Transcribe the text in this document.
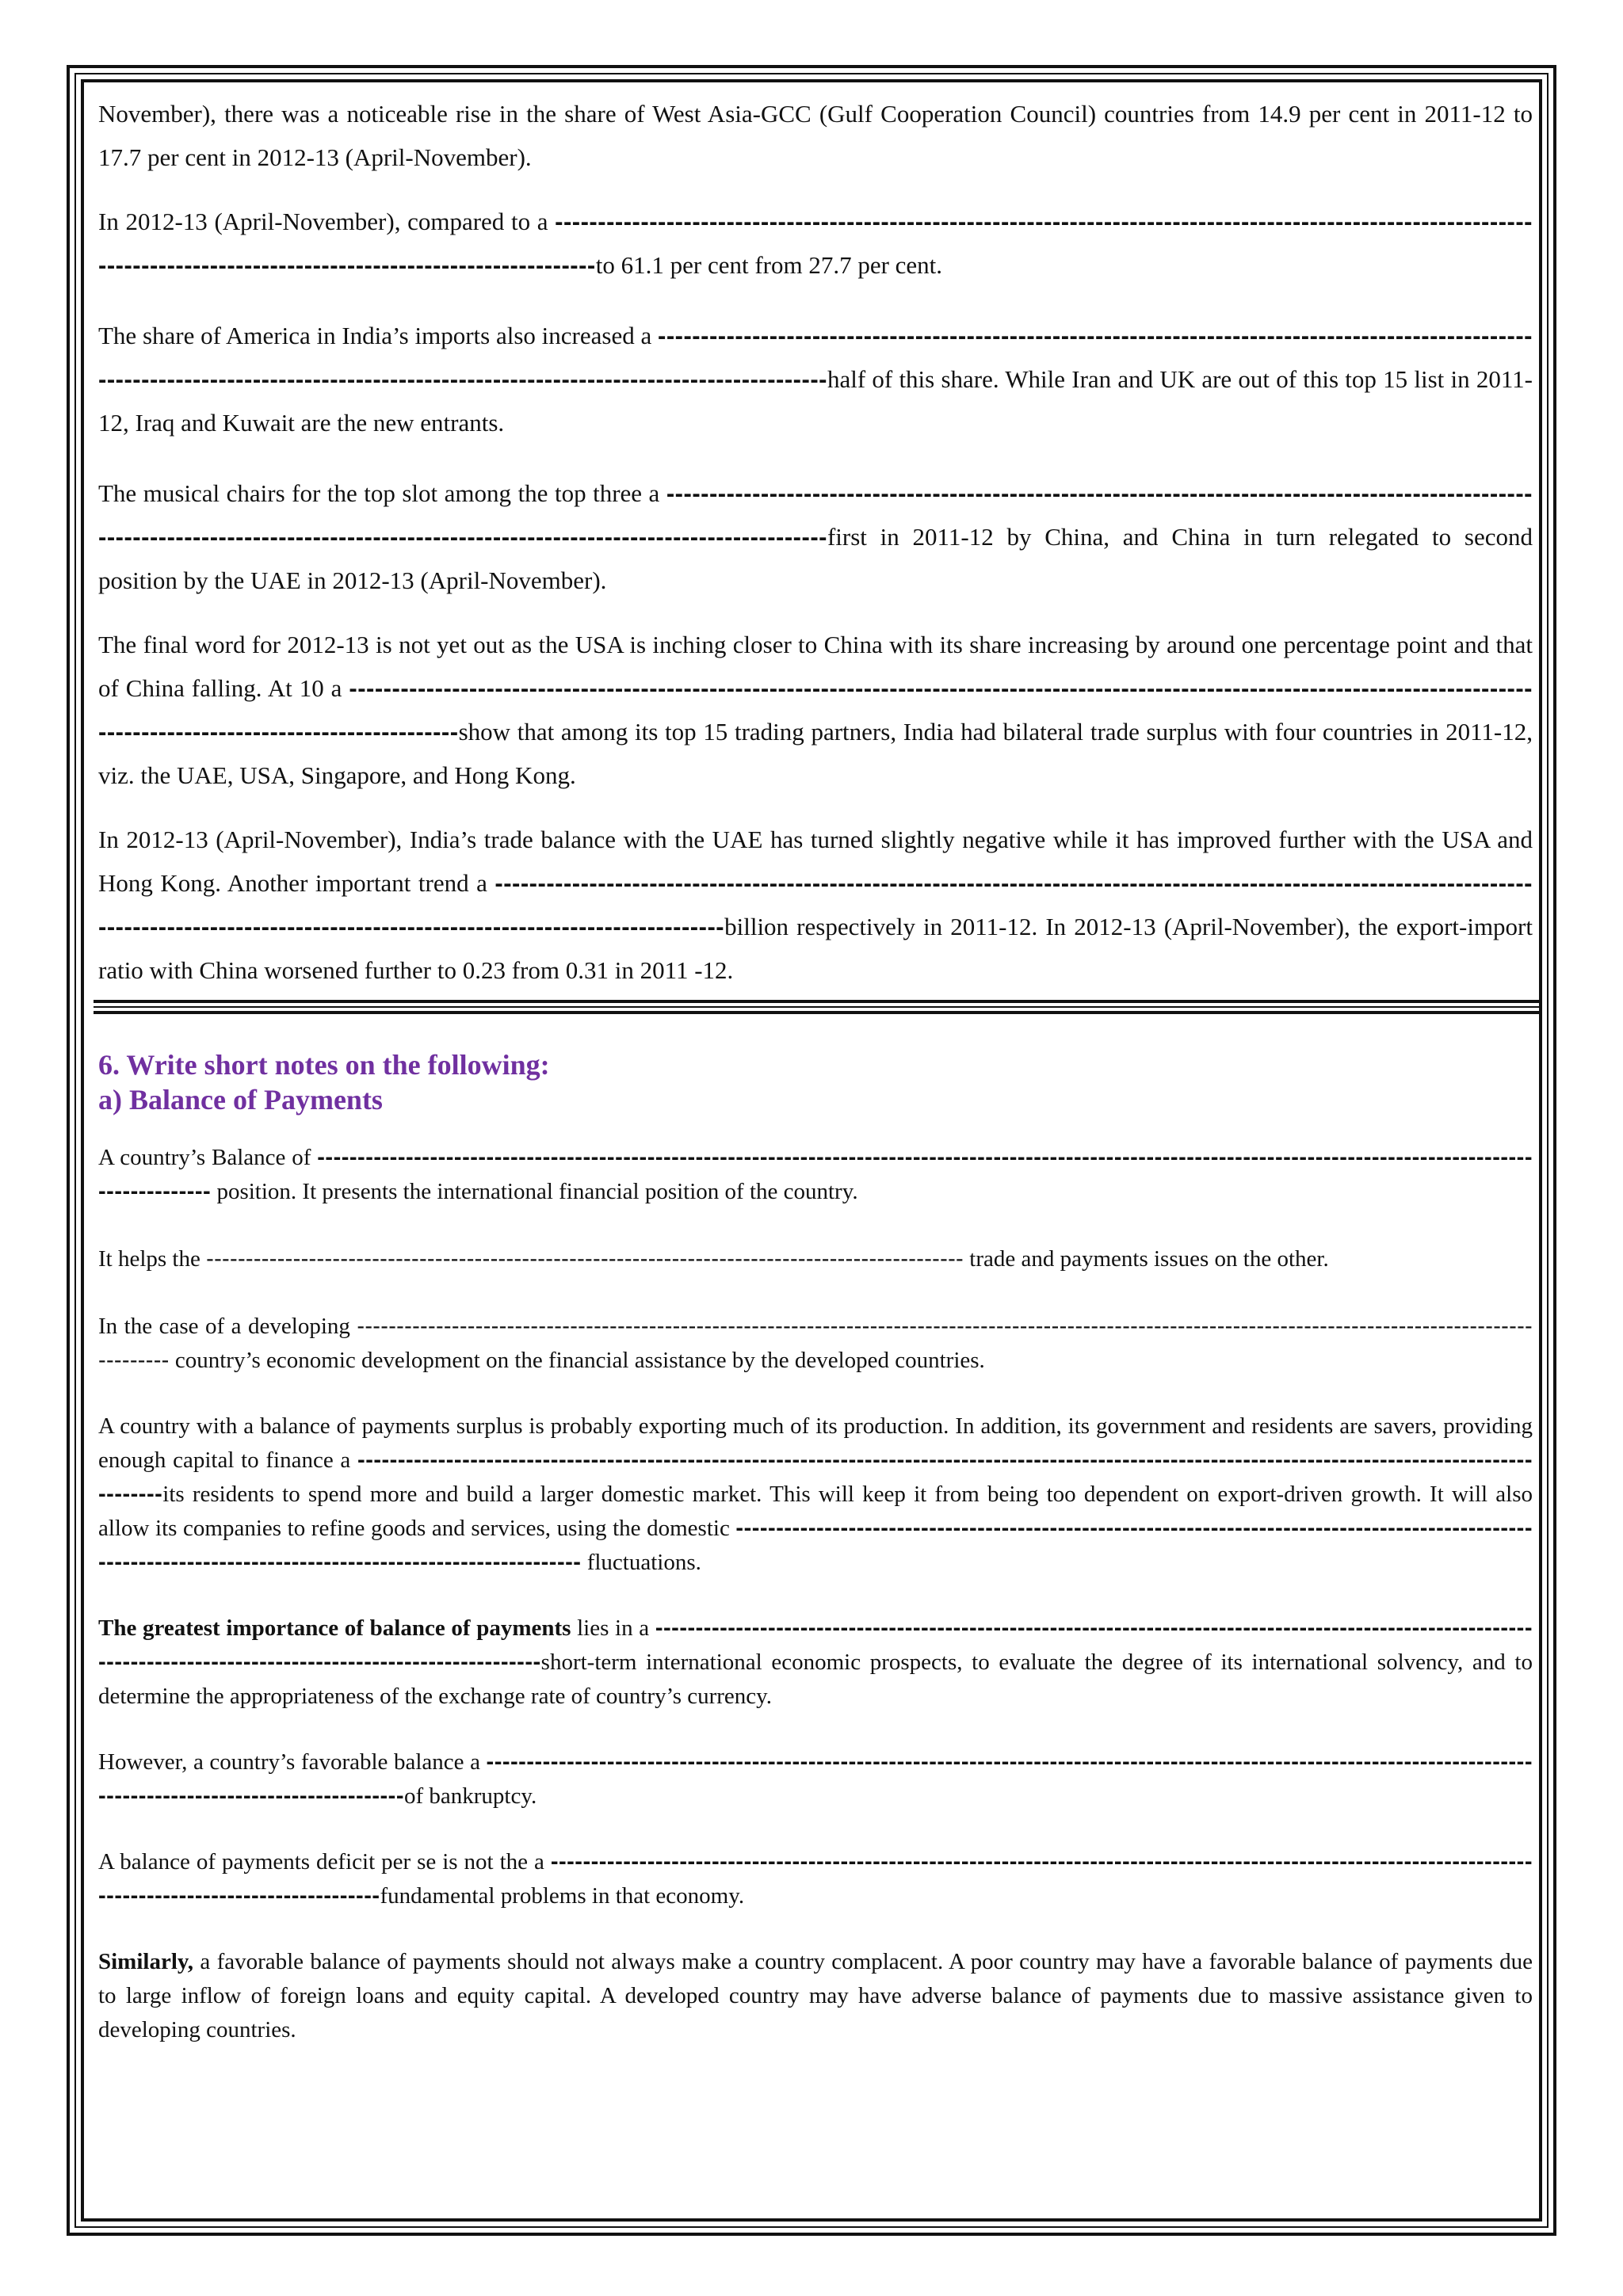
November), there was a noticeable rise in the share of West Asia-GCC (Gulf Cooperation Council) countries from 14.9 per cent in 2011-12 to 17.7 per cent in 2012-13 (April-November).

In 2012-13 (April-November), compared to a ----------------------------------------------------------------------------------------------------------------------------------------------------------------------------to 61.1 per cent from 27.7 per cent.

The share of America in India’s imports also increased a -------------------------------------------------------------------------------------------------------------------------------------------------------------------------------------------half of this share. While Iran and UK are out of this top 15 list in 2011-12, Iraq and Kuwait are the new entrants.

The musical chairs for the top slot among the top three a ------------------------------------------------------------------------------------------------------------------------------------------------------------------------------------------first in 2011-12 by China, and China in turn relegated to second position by the UAE in 2012-13 (April-November).

The final word for 2012-13 is not yet out as the USA is inching closer to China with its share increasing by around one percentage point and that of China falling. At 10 a ------------------------------------------------------------------------------------------------------------------------------------------------------------------------------------show that among its top 15 trading partners, India had bilateral trade surplus with four countries in 2011-12, viz. the UAE, USA, Singapore, and Hong Kong.

In 2012-13 (April-November), India’s trade balance with the UAE has turned slightly negative while it has improved further with the USA and Hong Kong. Another important trend a --------------------------------------------------------------------------------------------------------------------------------------------------------------------------------------------------billion respectively in 2011-12. In 2012-13 (April-November), the export-import ratio with China worsened further to 0.23 from 0.31 in 2011 -12.

6. Write short notes on the following:
a) Balance of Payments

A country’s Balance of --------------------------------------------------------------------------------------------------------------------------------------------------------------------- position. It presents the international financial position of the country.

It helps the ------------------------------------------------------------------------------------------------ trade and payments issues on the other.

In the case of a developing -------------------------------------------------------------------------------------------------------------------------------------------------------------- country’s economic development on the financial assistance by the developed countries.

A country with a balance of payments surplus is probably exporting much of its production. In addition, its government and residents are savers, providing enough capital to finance a ----------------------------------------------------------------------------------------------------------------------------------------------------------its residents to spend more and build a larger domestic market. This will keep it from being too dependent on export-driven growth. It will also allow its companies to refine goods and services, using the domestic --------------------------------------------------------------------------------------------------------------------------------------------------------------- fluctuations.

The greatest importance of balance of payments lies in a --------------------------------------------------------------------------------------------------------------------------------------------------------------------short-term international economic prospects, to evaluate the degree of its international solvency, and to determine the appropriateness of the exchange rate of country’s currency.

However, a country’s favorable balance a ------------------------------------------------------------------------------------------------------------------------------------------------------------------------of bankruptcy.

A balance of payments deficit per se is not the a -------------------------------------------------------------------------------------------------------------------------------------------------------------fundamental problems in that economy.

Similarly, a favorable balance of payments should not always make a country complacent. A poor country may have a favorable balance of payments due to large inflow of foreign loans and equity capital. A developed country may have adverse balance of payments due to massive assistance given to developing countries.
